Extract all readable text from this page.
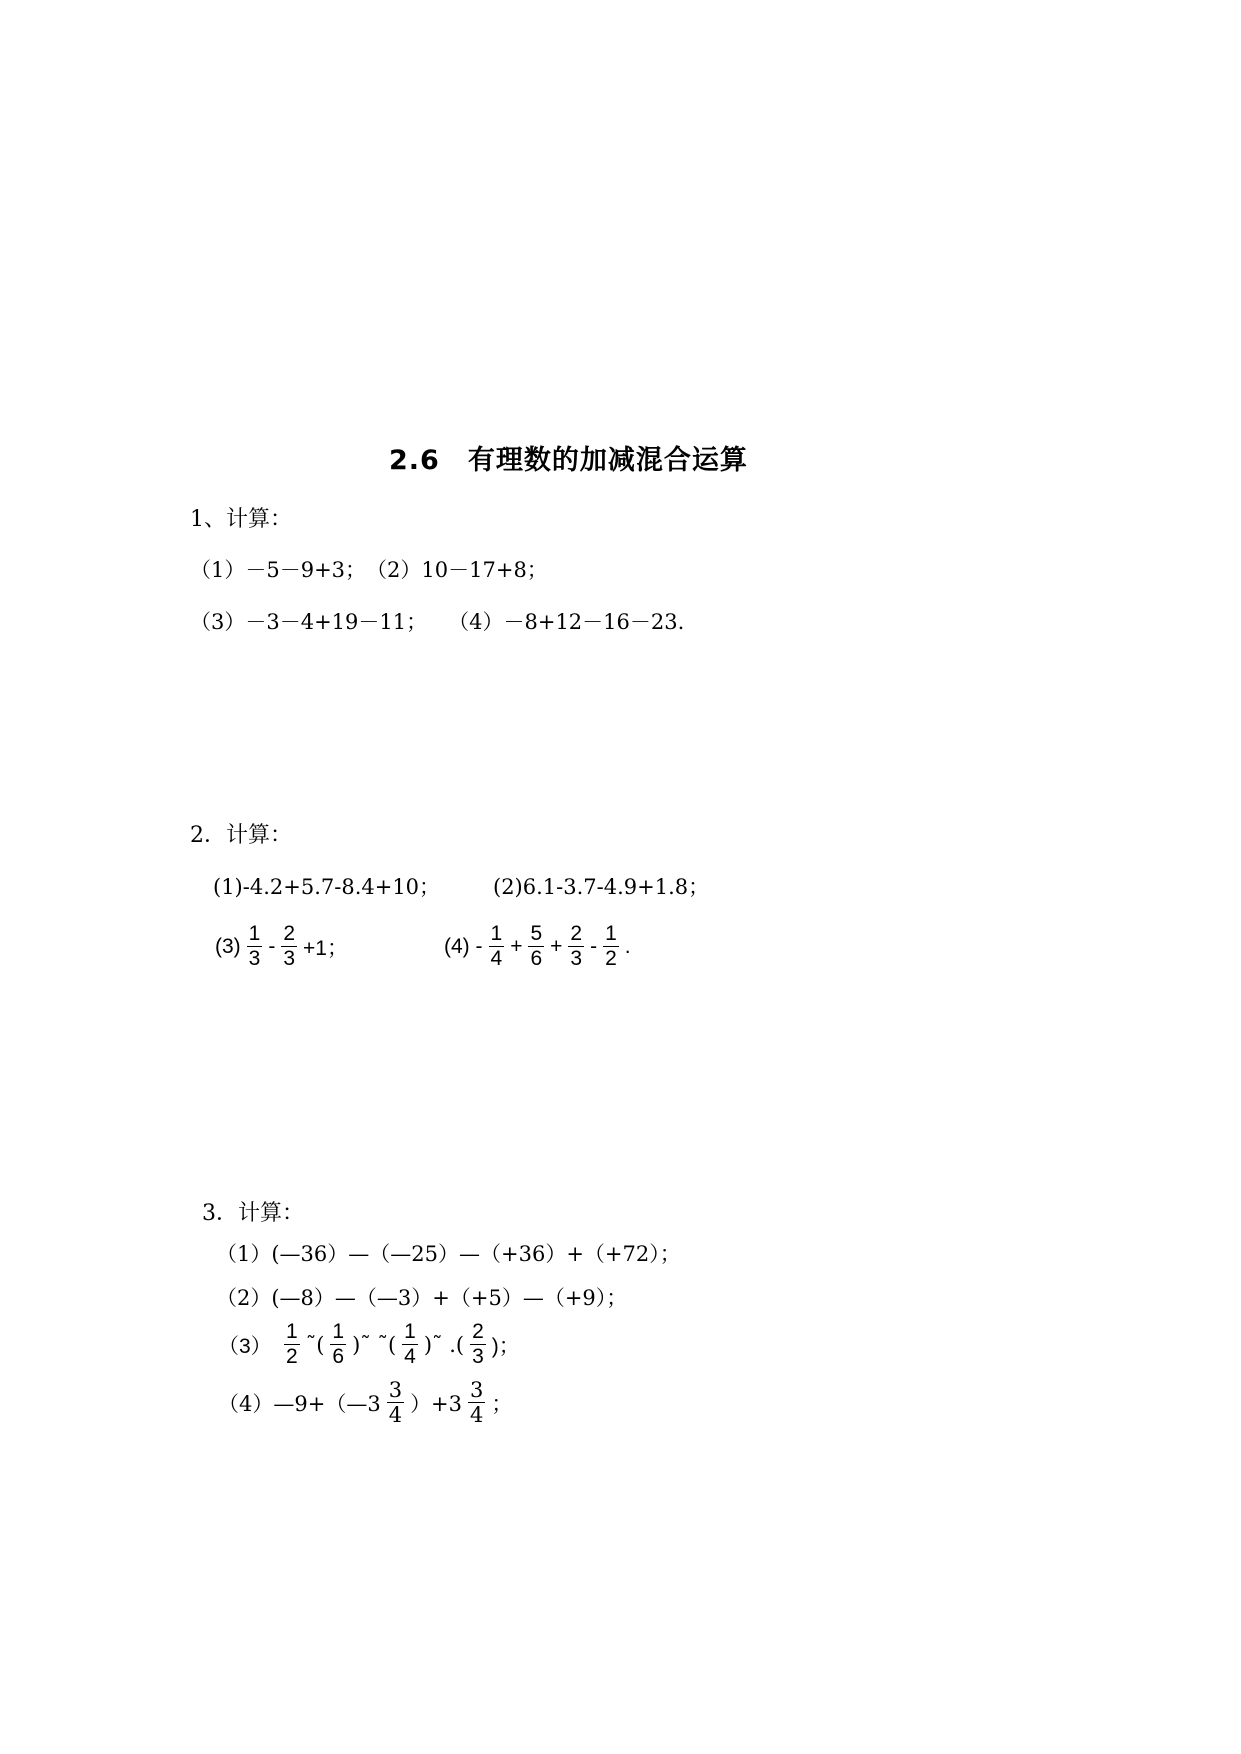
2.6　有理数的加减混合运算
1、计算：
（1）－5－9+3；　（2）10－17+8；
（3）－3－4+19－11；　　（4）－8+12－16－23.
2．计算：
(1)-4.2+5.7-8.4+10；	(2)6.1-3.7-4.9+1.8；
$(3) \frac{1}{3} - \frac{2}{3} +1$；	$(4) - \frac{1}{4} + \frac{5}{6} + \frac{2}{3} - \frac{1}{2}$ .
3．计算：
（1）(—36）—（—25）—（+36）+（+72）；
（2）(—8）—（—3）+（+5）—（+9）；
$(3) \frac{1}{2}$ ˜( $\frac{1}{6}$ )˜ ˜( $\frac{1}{4}$ )˜ .( $\frac{2}{3}$ )；
（4）—9+（—3 $\frac{3}{4} )+3 \frac{3}{4}$ ；
